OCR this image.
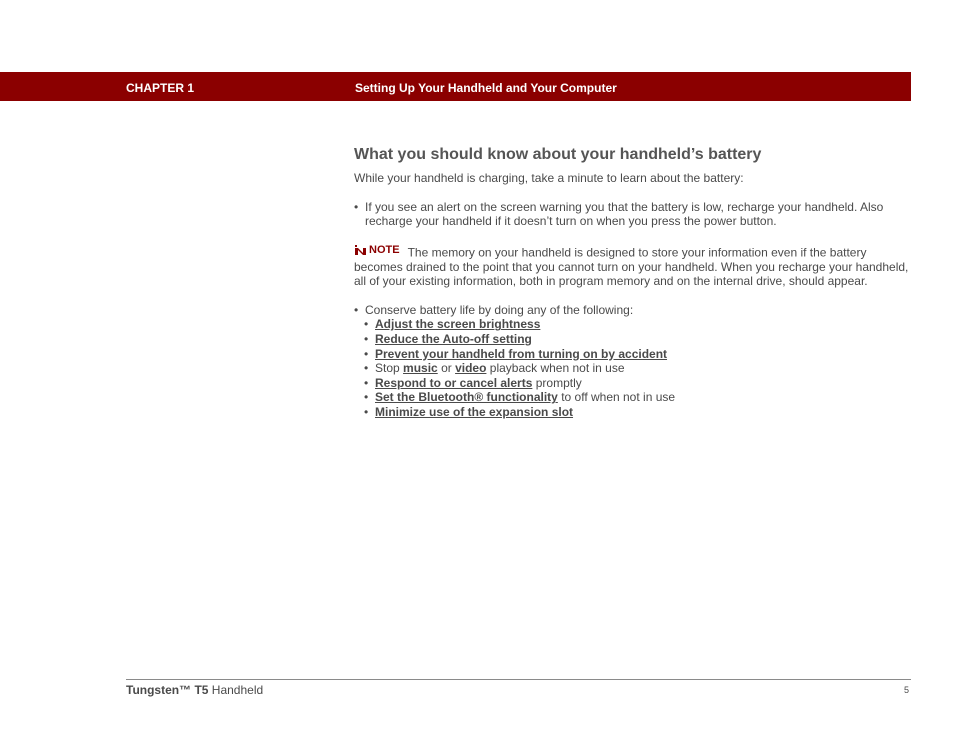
CHAPTER 1	Setting Up Your Handheld and Your Computer
What you should know about your handheld’s battery

While your handheld is charging, take a minute to learn about the battery:

• If you see an alert on the screen warning you that the battery is low, recharge your handheld. Also recharge your handheld if it doesn’t turn on when you press the power button.

NOTE The memory on your handheld is designed to store your information even if the battery becomes drained to the point that you cannot turn on your handheld. When you recharge your handheld, all of your existing information, both in program memory and on the internal drive, should appear.

• Conserve battery life by doing any of the following:
• Adjust the screen brightness
• Reduce the Auto-off setting
• Prevent your handheld from turning on by accident
• Stop music or video playback when not in use
• Respond to or cancel alerts promptly
• Set the Bluetooth® functionality to off when not in use
• Minimize use of the expansion slot
Tungsten™ T5 Handheld	5
